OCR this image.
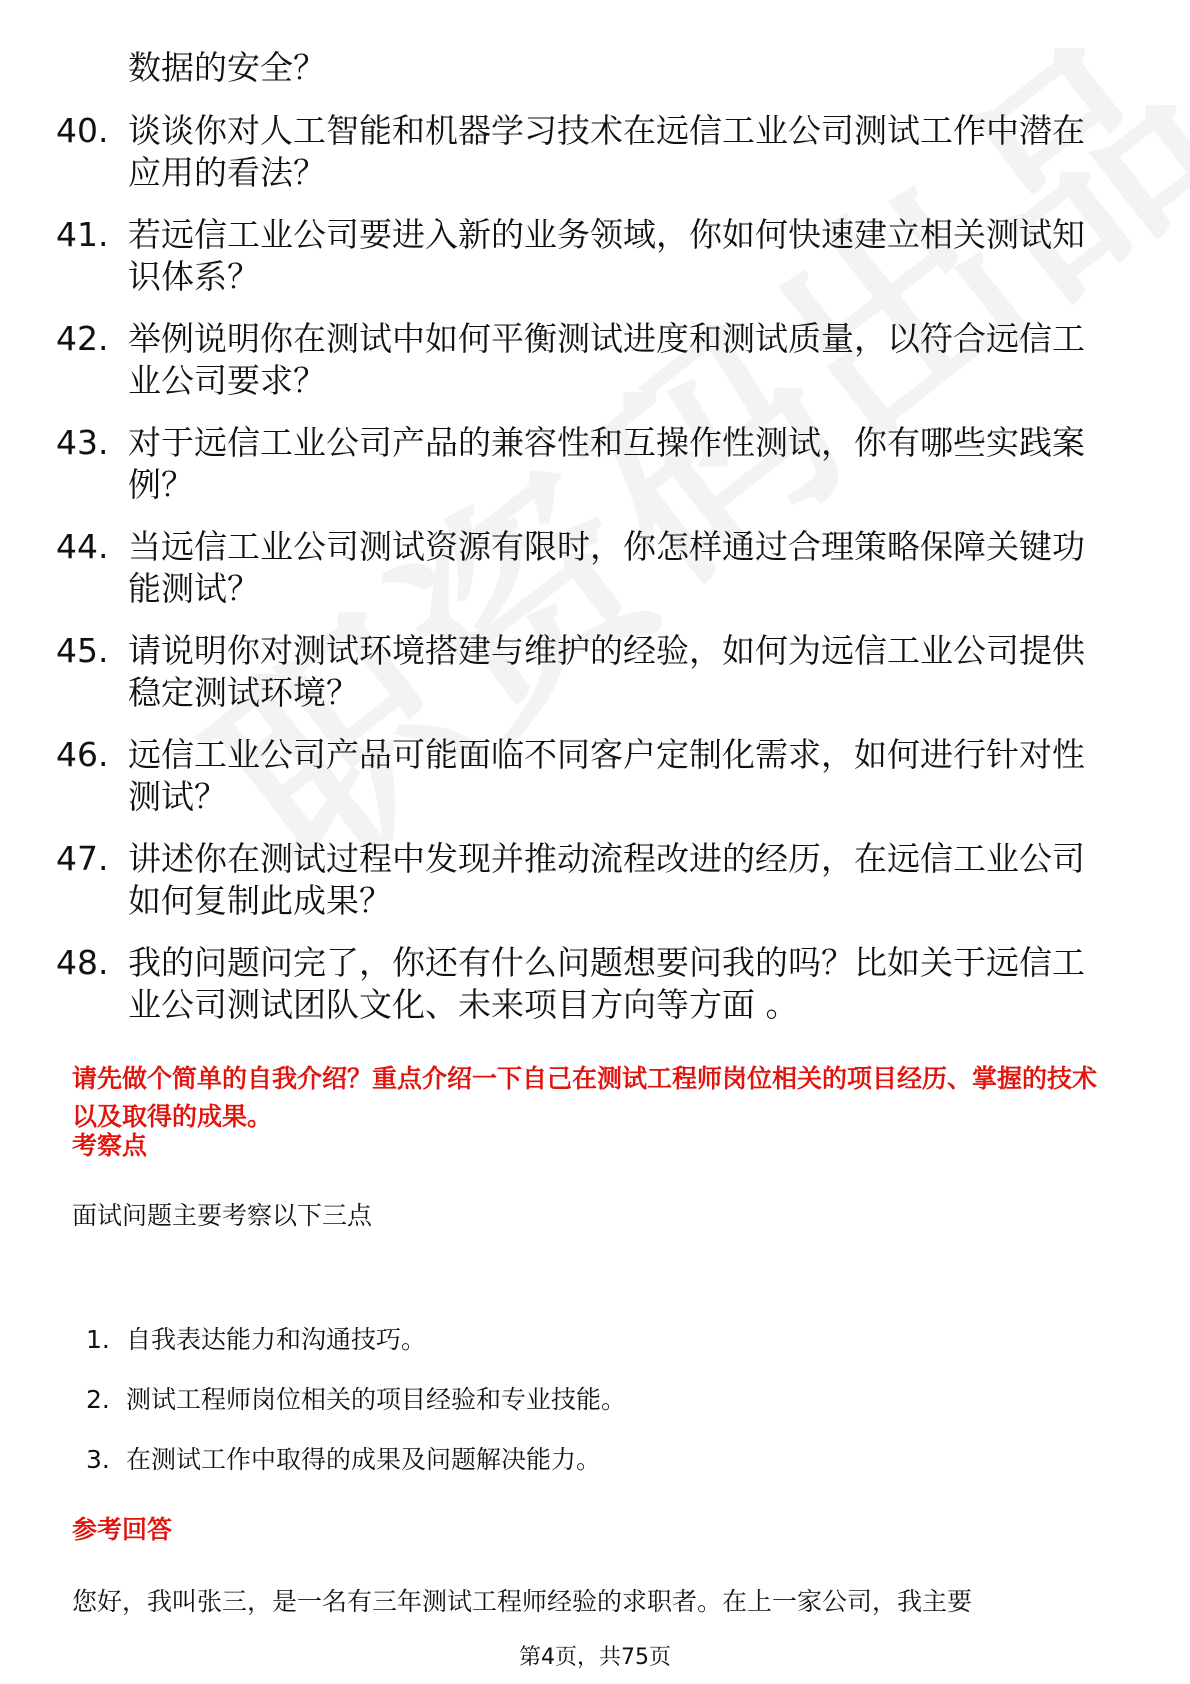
数据的安全？
40. 谈谈你对人工智能和机器学习技术在远信工业公司测试工作中潜在应用的看法？
41. 若远信工业公司要进入新的业务领域，你如何快速建立相关测试知识体系？
42. 举例说明你在测试中如何平衡测试进度和测试质量，以符合远信工业公司要求？
43. 对于远信工业公司产品的兼容性和互操作性测试，你有哪些实践案例？
44. 当远信工业公司测试资源有限时，你怎样通过合理策略保障关键功能测试？
45. 请说明你对测试环境搭建与维护的经验，如何为远信工业公司提供稳定测试环境？
46. 远信工业公司产品可能面临不同客户定制化需求，如何进行针对性测试？
47. 讲述你在测试过程中发现并推动流程改进的经历，在远信工业公司如何复制此成果？
48. 我的问题问完了，你还有什么问题想要问我的吗？比如关于远信工业公司测试团队文化、未来项目方向等方面 。
请先做个简单的自我介绍？重点介绍一下自己在测试工程师岗位相关的项目经历、掌握的技术以及取得的成果。
考察点
面试问题主要考察以下三点
1. 自我表达能力和沟通技巧。
2. 测试工程师岗位相关的项目经验和专业技能。
3. 在测试工作中取得的成果及问题解决能力。
参考回答
您好，我叫张三，是一名有三年测试工程师经验的求职者。在上一家公司，我主要
第4页，共75页
